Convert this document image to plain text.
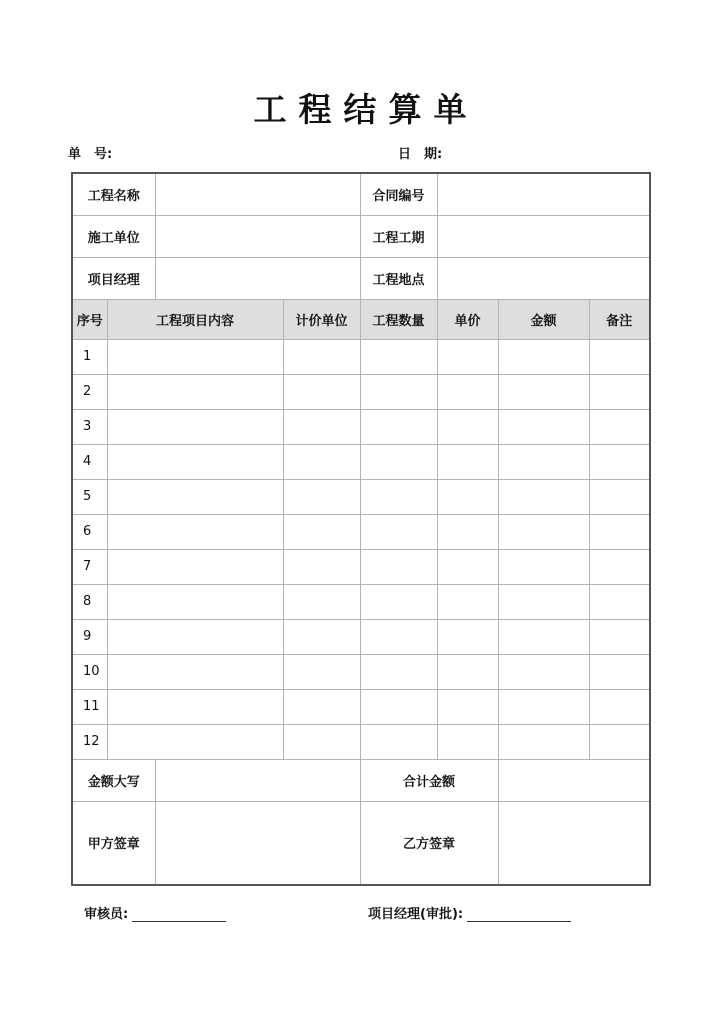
工程结算单
单　号:	日　期:
工程名称				合同编号			
施工单位				工程工期			
项目经理				工程地点			
序号	工程项目内容		计价单位	工程数量	单价	金额	备注
1							
2							
3							
4							
5							
6							
7							
8							
9							
10							
11							
12							
金额大写				合计金额			
甲方签章				乙方签章			
审核员:	项目经理(审批):
